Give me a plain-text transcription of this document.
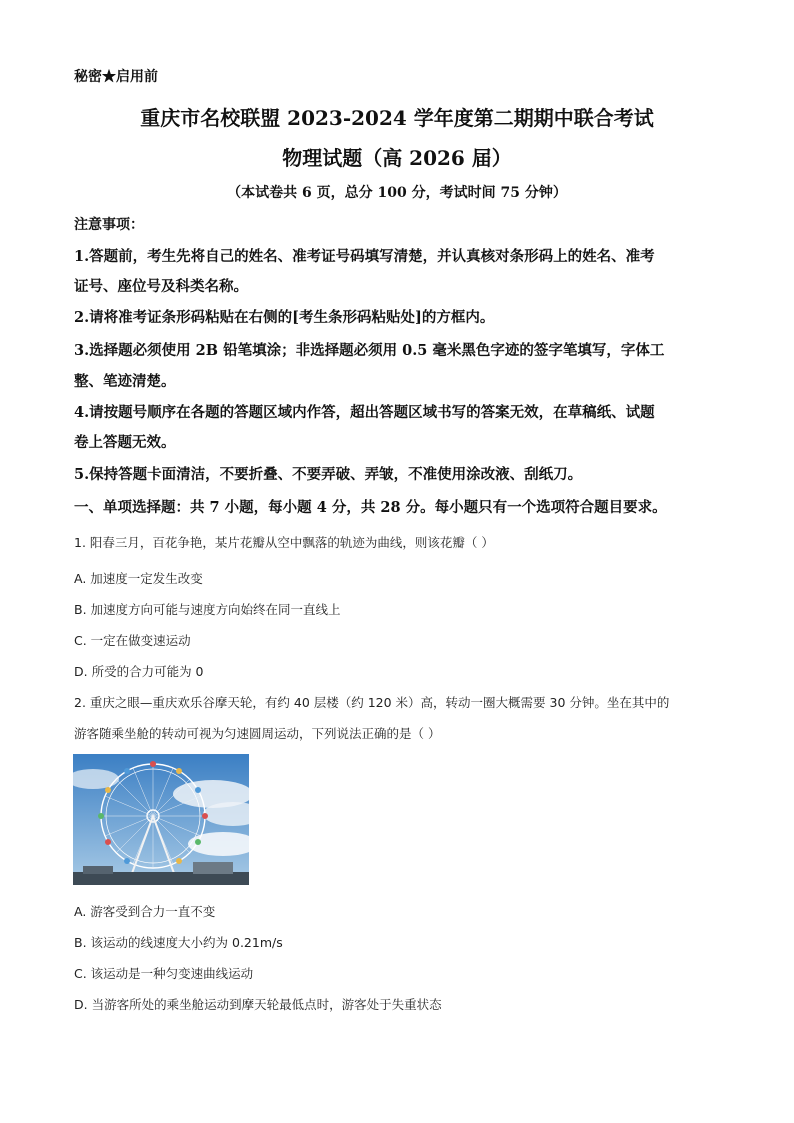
秘密★启用前
重庆市名校联盟 2023-2024 学年度第二期期中联合考试
物理试题（高 2026 届）
（本试卷共 6 页，总分 100 分，考试时间 75 分钟）
注意事项：
1.答题前，考生先将自己的姓名、准考证号码填写清楚，并认真核对条形码上的姓名、准考
证号、座位号及科类名称。
2.请将准考证条形码粘贴在右侧的[考生条形码粘贴处]的方框内。
3.选择题必须使用 2B 铅笔填涂；非选择题必须用 0.5 毫米黑色字迹的签字笔填写，字体工
整、笔迹清楚。
4.请按题号顺序在各题的答题区域内作答，超出答题区域书写的答案无效，在草稿纸、试题
卷上答题无效。
5.保持答题卡面清洁，不要折叠、不要弄破、弄皱，不准使用涂改液、刮纸刀。
一、单项选择题：共 7 小题，每小题 4 分，共 28 分。每小题只有一个选项符合题目要求。
1. 阳春三月，百花争艳，某片花瓣从空中飘落的轨迹为曲线，则该花瓣（ ）
A. 加速度一定发生改变
B. 加速度方向可能与速度方向始终在同一直线上
C. 一定在做变速运动
D. 所受的合力可能为 0
2. 重庆之眼—重庆欢乐谷摩天轮，有约 40 层楼（约 120 米）高，转动一圈大概需要 30 分钟。坐在其中的
游客随乘坐舱的转动可视为匀速圆周运动，下列说法正确的是（ ）
A. 游客受到合力一直不变
B. 该运动的线速度大小约为 0.21m/s
C. 该运动是一种匀变速曲线运动
D. 当游客所处的乘坐舱运动到摩天轮最低点时，游客处于失重状态
